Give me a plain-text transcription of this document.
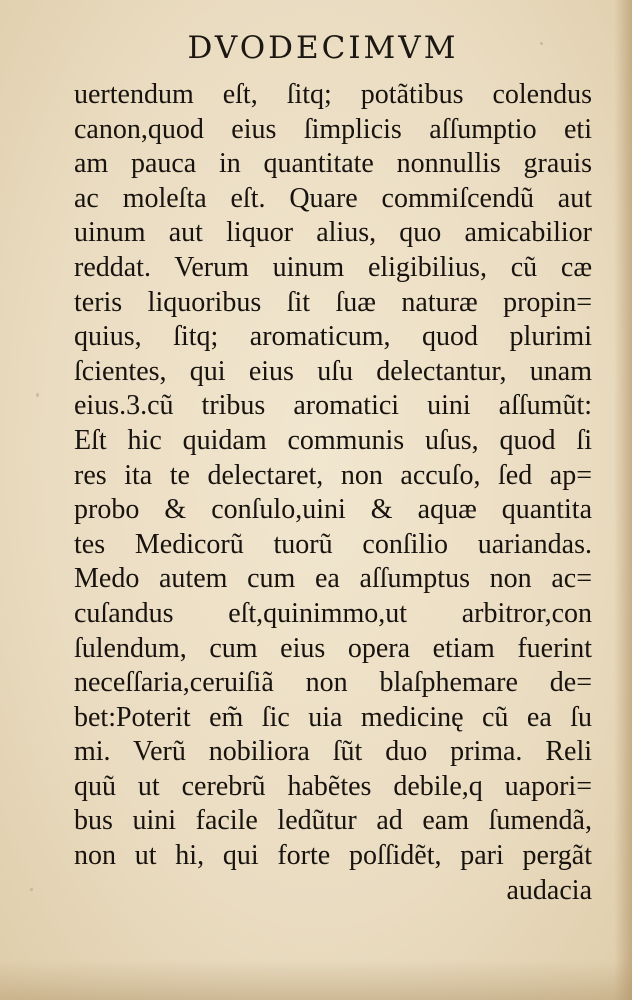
DVODECIMVM
uertendum eſt, ſitq; potãtibus colendus
canon,quod eius ſimplicis aſſumptio eti
am pauca in quantitate nonnullis grauis
ac moleſta eſt. Quare commiſcendũ aut
uinum aut liquor alius, quo amicabilior
reddat. Verum uinum eligibilius, cũ cæ
teris liquoribus ſit ſuæ naturæ propin=
quius, ſitq; aromaticum, quod plurimi
ſcientes, qui eius uſu delectantur, unam
eius.3.cũ tribus aromatici uini aſſumũt:
Eſt hic quidam communis uſus, quod ſi
res ita te delectaret, non accuſo, ſed ap=
probo & conſulo,uini & aquæ quantita
tes Medicorũ tuorũ conſilio uariandas.
Medo autem cum ea aſſumptus non ac=
cuſandus eſt,quinimmo,ut arbitror,con
ſulendum, cum eius opera etiam fuerint
neceſſaria,ceruiſiã non blaſphemare de=
bet:Poterit em̃ ſic uia medicinę cũ ea ſu
mi. Verũ nobiliora ſũt duo prima. Reli
quũ ut cerebrũ habẽtes debile,q uapori=
bus uini facile ledũtur ad eam ſumendã,
non ut hi, qui forte poſſidẽt, pari pergãt
audacia
